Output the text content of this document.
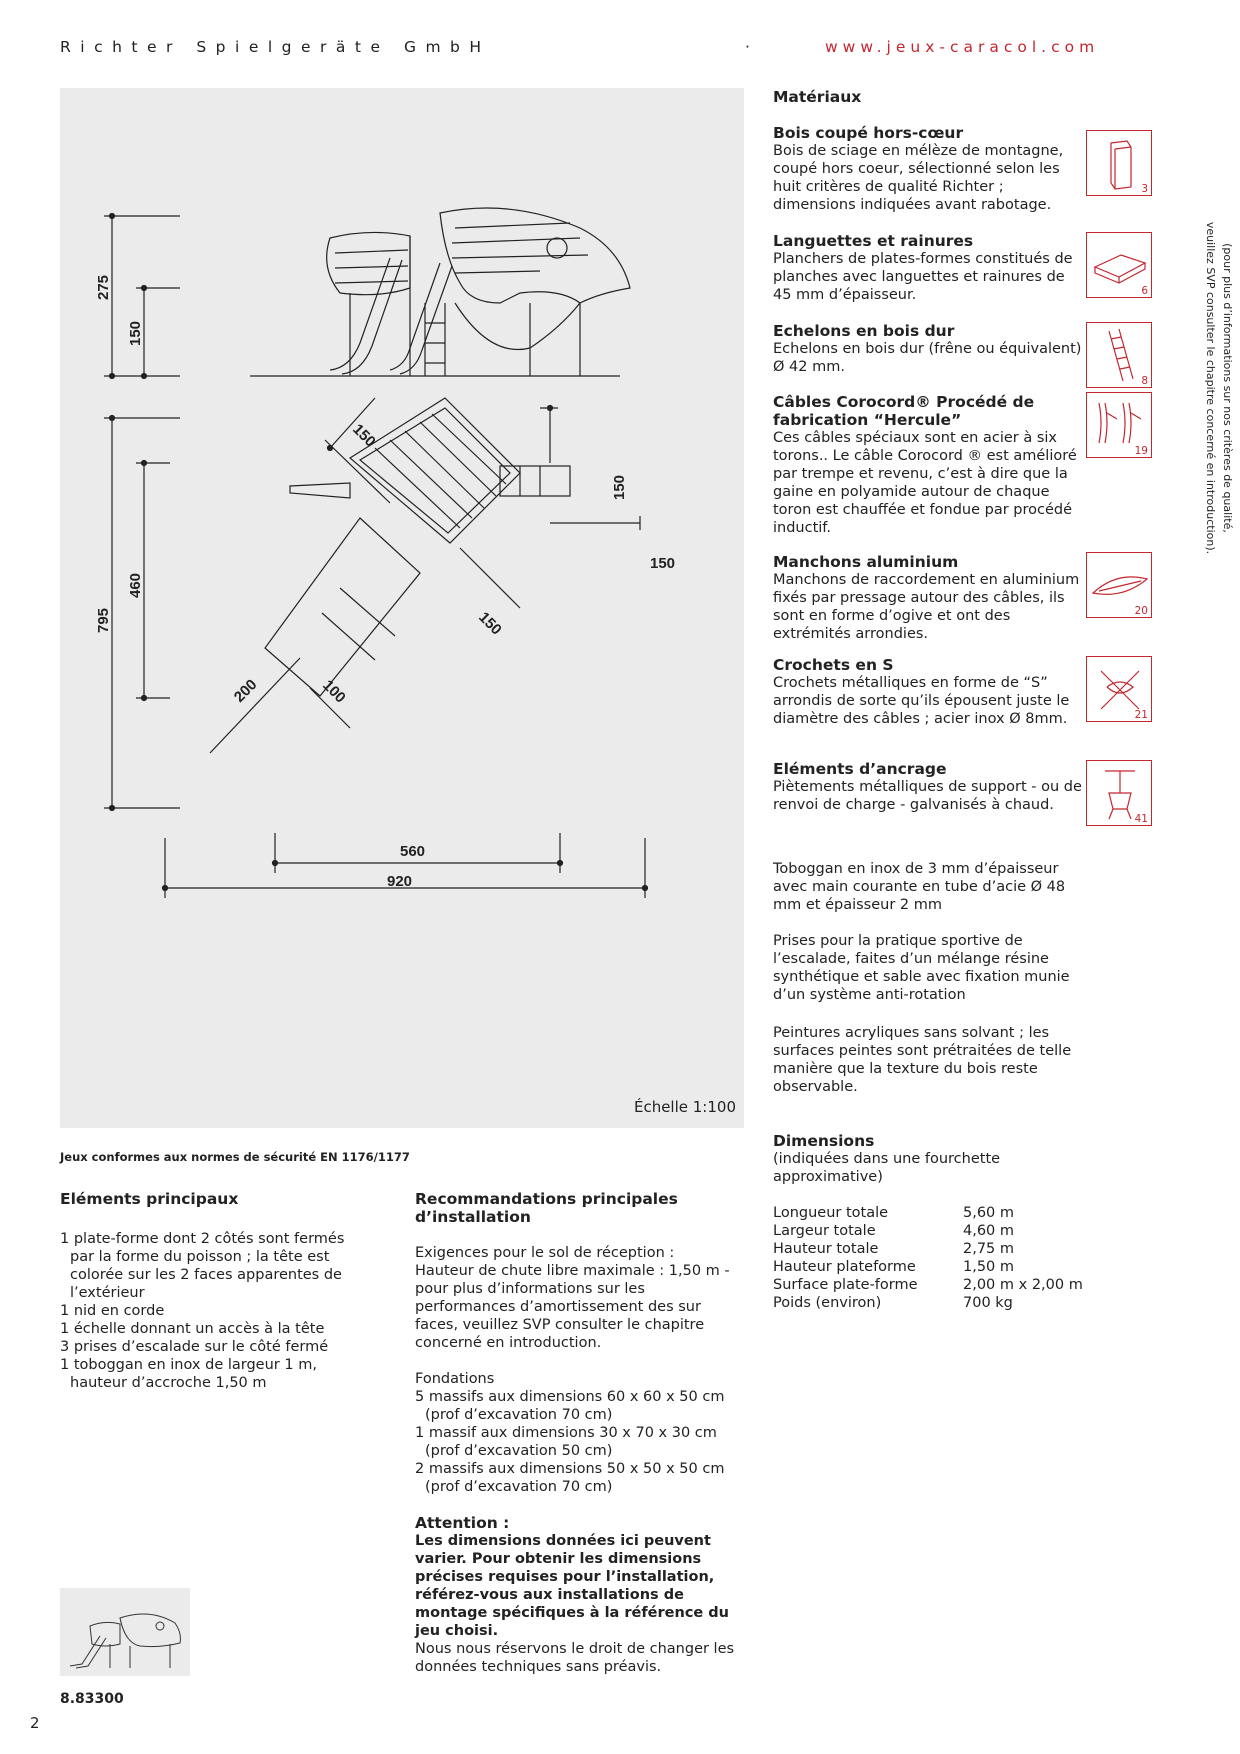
Richter Spielgeräte GmbH	·	www.jeux-caracol.com
275
150
795
460
150
150
150
150
200	100
560
920
Échelle 1:100
Jeux conformes aux normes de sécurité EN 1176/1177

Eléments principaux

1 plate-forme dont 2 côtés sont fermés par la forme du poisson ; la tête est colorée sur les 2 faces apparentes de l’extérieur

1 nid en corde

1 échelle donnant un accès à la tête

3 prises d’escalade sur le côté fermé

1 toboggan en inox de largeur 1 m, hauteur d’accroche 1,50 m

Recommandations principales d’installation

Exigences pour le sol de réception :

Hauteur de chute libre maximale : 1,50 m - pour plus d’informations sur les performances d’amortissement des sur faces, veuillez SVP consulter le chapitre concerné en introduction.

Fondations

5 massifs aux dimensions 60 x 60 x 50 cm (prof d’excavation 70 cm)

1 massif aux dimensions 30 x 70 x 30 cm (prof d’excavation 50 cm)

2 massifs aux dimensions 50 x 50 x 50 cm (prof d’excavation 70 cm)

Attention :

Les dimensions données ici peuvent varier. Pour obtenir les dimensions précises requises pour l’installation, référez-vous aux installations de montage spécifiques à la référence du jeu choisi.

Nous nous réservons le droit de changer les données techniques sans préavis.

Matériaux

Bois coupé hors-cœur

Bois de sciage en mélèze de montagne, coupé hors coeur, sélectionné selon les huit critères de qualité Richter ; dimensions indiquées avant rabotage.

3

Languettes et rainures

Planchers de plates-formes constitués de planches avec languettes et rainures de 45 mm d’épaisseur.	6

Echelons en bois dur

Echelons en bois dur (frêne ou équivalent) Ø 42 mm.

8

Câbles Corocord® Procédé de fabrication “Hercule”

Ces câbles spéciaux sont en acier à six torons.. Le câble Corocord ® est amélioré par trempe et revenu, c’est à dire que la gaine en polyamide autour de chaque toron est chauffée et fondue par procédé inductif.

19

Manchons aluminium

Manchons de raccordement en aluminium fixés par pressage autour des câbles, ils sont en forme d’ogive et ont des extrémités arrondies.

20

Crochets en S

Crochets métalliques en forme de “S” arrondis de sorte qu’ils épousent juste le diamètre des câbles ; acier inox Ø 8mm.	21

Eléments d’ancrage

Piètements métalliques de support - ou de renvoi de charge - galvanisés à chaud.

41
Toboggan en inox de 3 mm d’épaisseur avec main courante en tube d’acie Ø 48 mm et épaisseur 2 mm
Prises pour la pratique sportive de l’escalade, faites d’un mélange résine synthétique et sable avec fixation munie d’un système anti-rotation
Peintures acryliques sans solvant ; les surfaces peintes sont prétraitées de telle manière que la texture du bois reste observable.

(pour plus d’informations sur nos critères de qualité,

veuillez SVP consulter le chapitre concerné en introduction).

Dimensions

(indiquées dans une fourchette approximative)

Longueur totale	5,60 m
Largeur totale	4,60 m
Hauteur totale	2,75 m
Hauteur plateforme	1,50 m
Surface plate-forme	2,00 m x 2,00 m
Poids (environ)	700 kg
8.83300
2
